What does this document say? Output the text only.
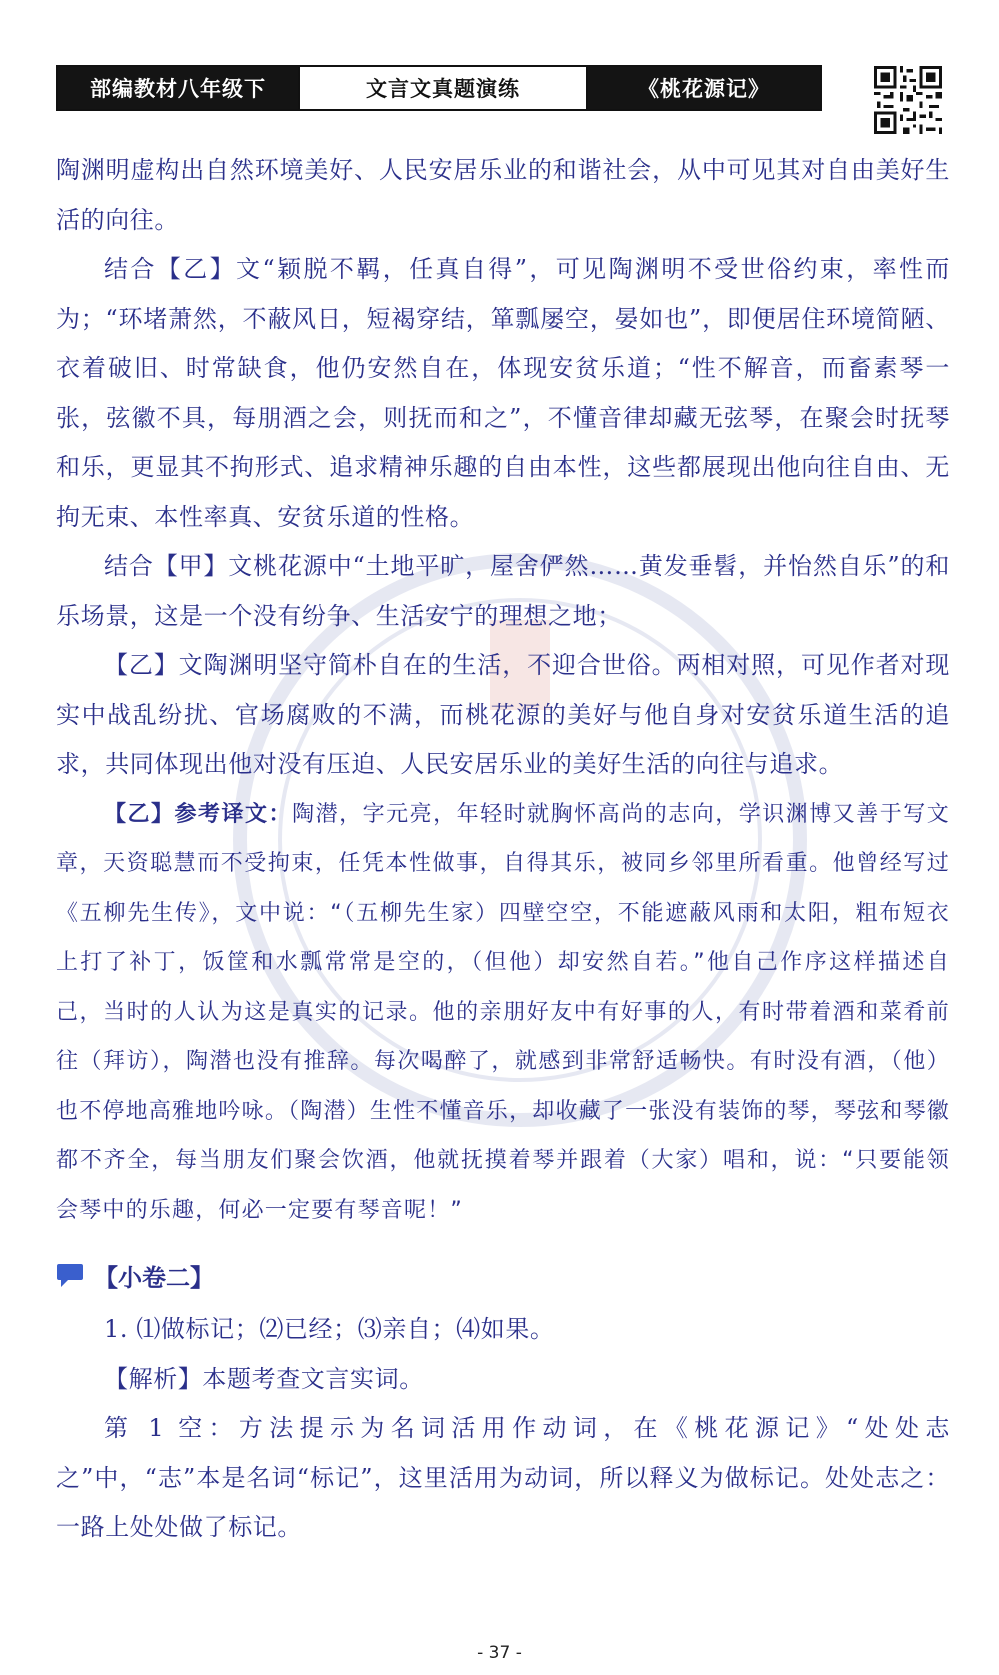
部编教材八年级下	文言文真题演练	《桃花源记》

陶渊明虚构出自然环境美好、人民安居乐业的和谐社会，从中可见其对自由美好生活的向往。

结合【乙】文“颖脱不羁，任真自得”，可见陶渊明不受世俗约束，率性而为；“环堵萧然，不蔽风日，短褐穿结，箪瓢屡空，晏如也”，即便居住环境简陋、衣着破旧、时常缺食，他仍安然自在，体现安贫乐道；“性不解音，而畜素琴一张，弦徽不具，每朋酒之会，则抚而和之”，不懂音律却藏无弦琴，在聚会时抚琴和乐，更显其不拘形式、追求精神乐趣的自由本性，这些都展现出他向往自由、无拘无束、本性率真、安贫乐道的性格。

结合【甲】文桃花源中“土地平旷，屋舍俨然……黄发垂髫，并怡然自乐”的和乐场景，这是一个没有纷争、生活安宁的理想之地；

【乙】文陶渊明坚守简朴自在的生活，不迎合世俗。两相对照，可见作者对现实中战乱纷扰、官场腐败的不满，而桃花源的美好与他自身对安贫乐道生活的追求，共同体现出他对没有压迫、人民安居乐业的美好生活的向往与追求。

【乙】参考译文：陶潜，字元亮，年轻时就胸怀高尚的志向，学识渊博又善于写文章，天资聪慧而不受拘束，任凭本性做事，自得其乐，被同乡邻里所看重。他曾经写过《五柳先生传》，文中说：“（五柳先生家）四壁空空，不能遮蔽风雨和太阳，粗布短衣上打了补丁，饭筐和水瓢常常是空的，（但他）却安然自若。”他自己作序这样描述自己，当时的人认为这是真实的记录。他的亲朋好友中有好事的人，有时带着酒和菜肴前往（拜访），陶潜也没有推辞。每次喝醉了，就感到非常舒适畅快。有时没有酒，（他）也不停地高雅地吟咏。（陶潜）生性不懂音乐，却收藏了一张没有装饰的琴，琴弦和琴徽都不齐全，每当朋友们聚会饮酒，他就抚摸着琴并跟着（大家）唱和，说：“只要能领会琴中的乐趣，何必一定要有琴音呢！”

【小卷二】

1. ⑴做标记；⑵已经；⑶亲自；⑷如果。

【解析】本题考查文言实词。

第 1 空：方法提示为名词活用作动词，在《桃花源记》“处处志之”中，“志”本是名词“标记”，这里活用为动词，所以释义为做标记。处处志之：一路上处处做了标记。

- 37 -
